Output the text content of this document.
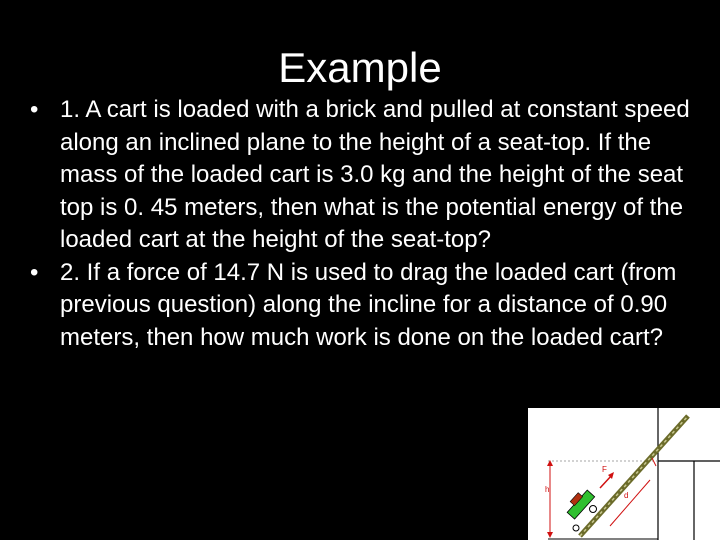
Example
• 1. A cart is loaded with a brick and pulled at constant speed along an inclined plane to the height of a seat-top. If the mass of the loaded cart is 3.0 kg and the height of the seat top is 0. 45 meters, then what is the potential energy of the loaded cart at the height of the seat-top?
• 2. If a force of 14.7 N is used to drag the loaded cart (from previous question) along the incline for a distance of 0.90 meters, then how much work is done on the loaded cart?
h
d
F
